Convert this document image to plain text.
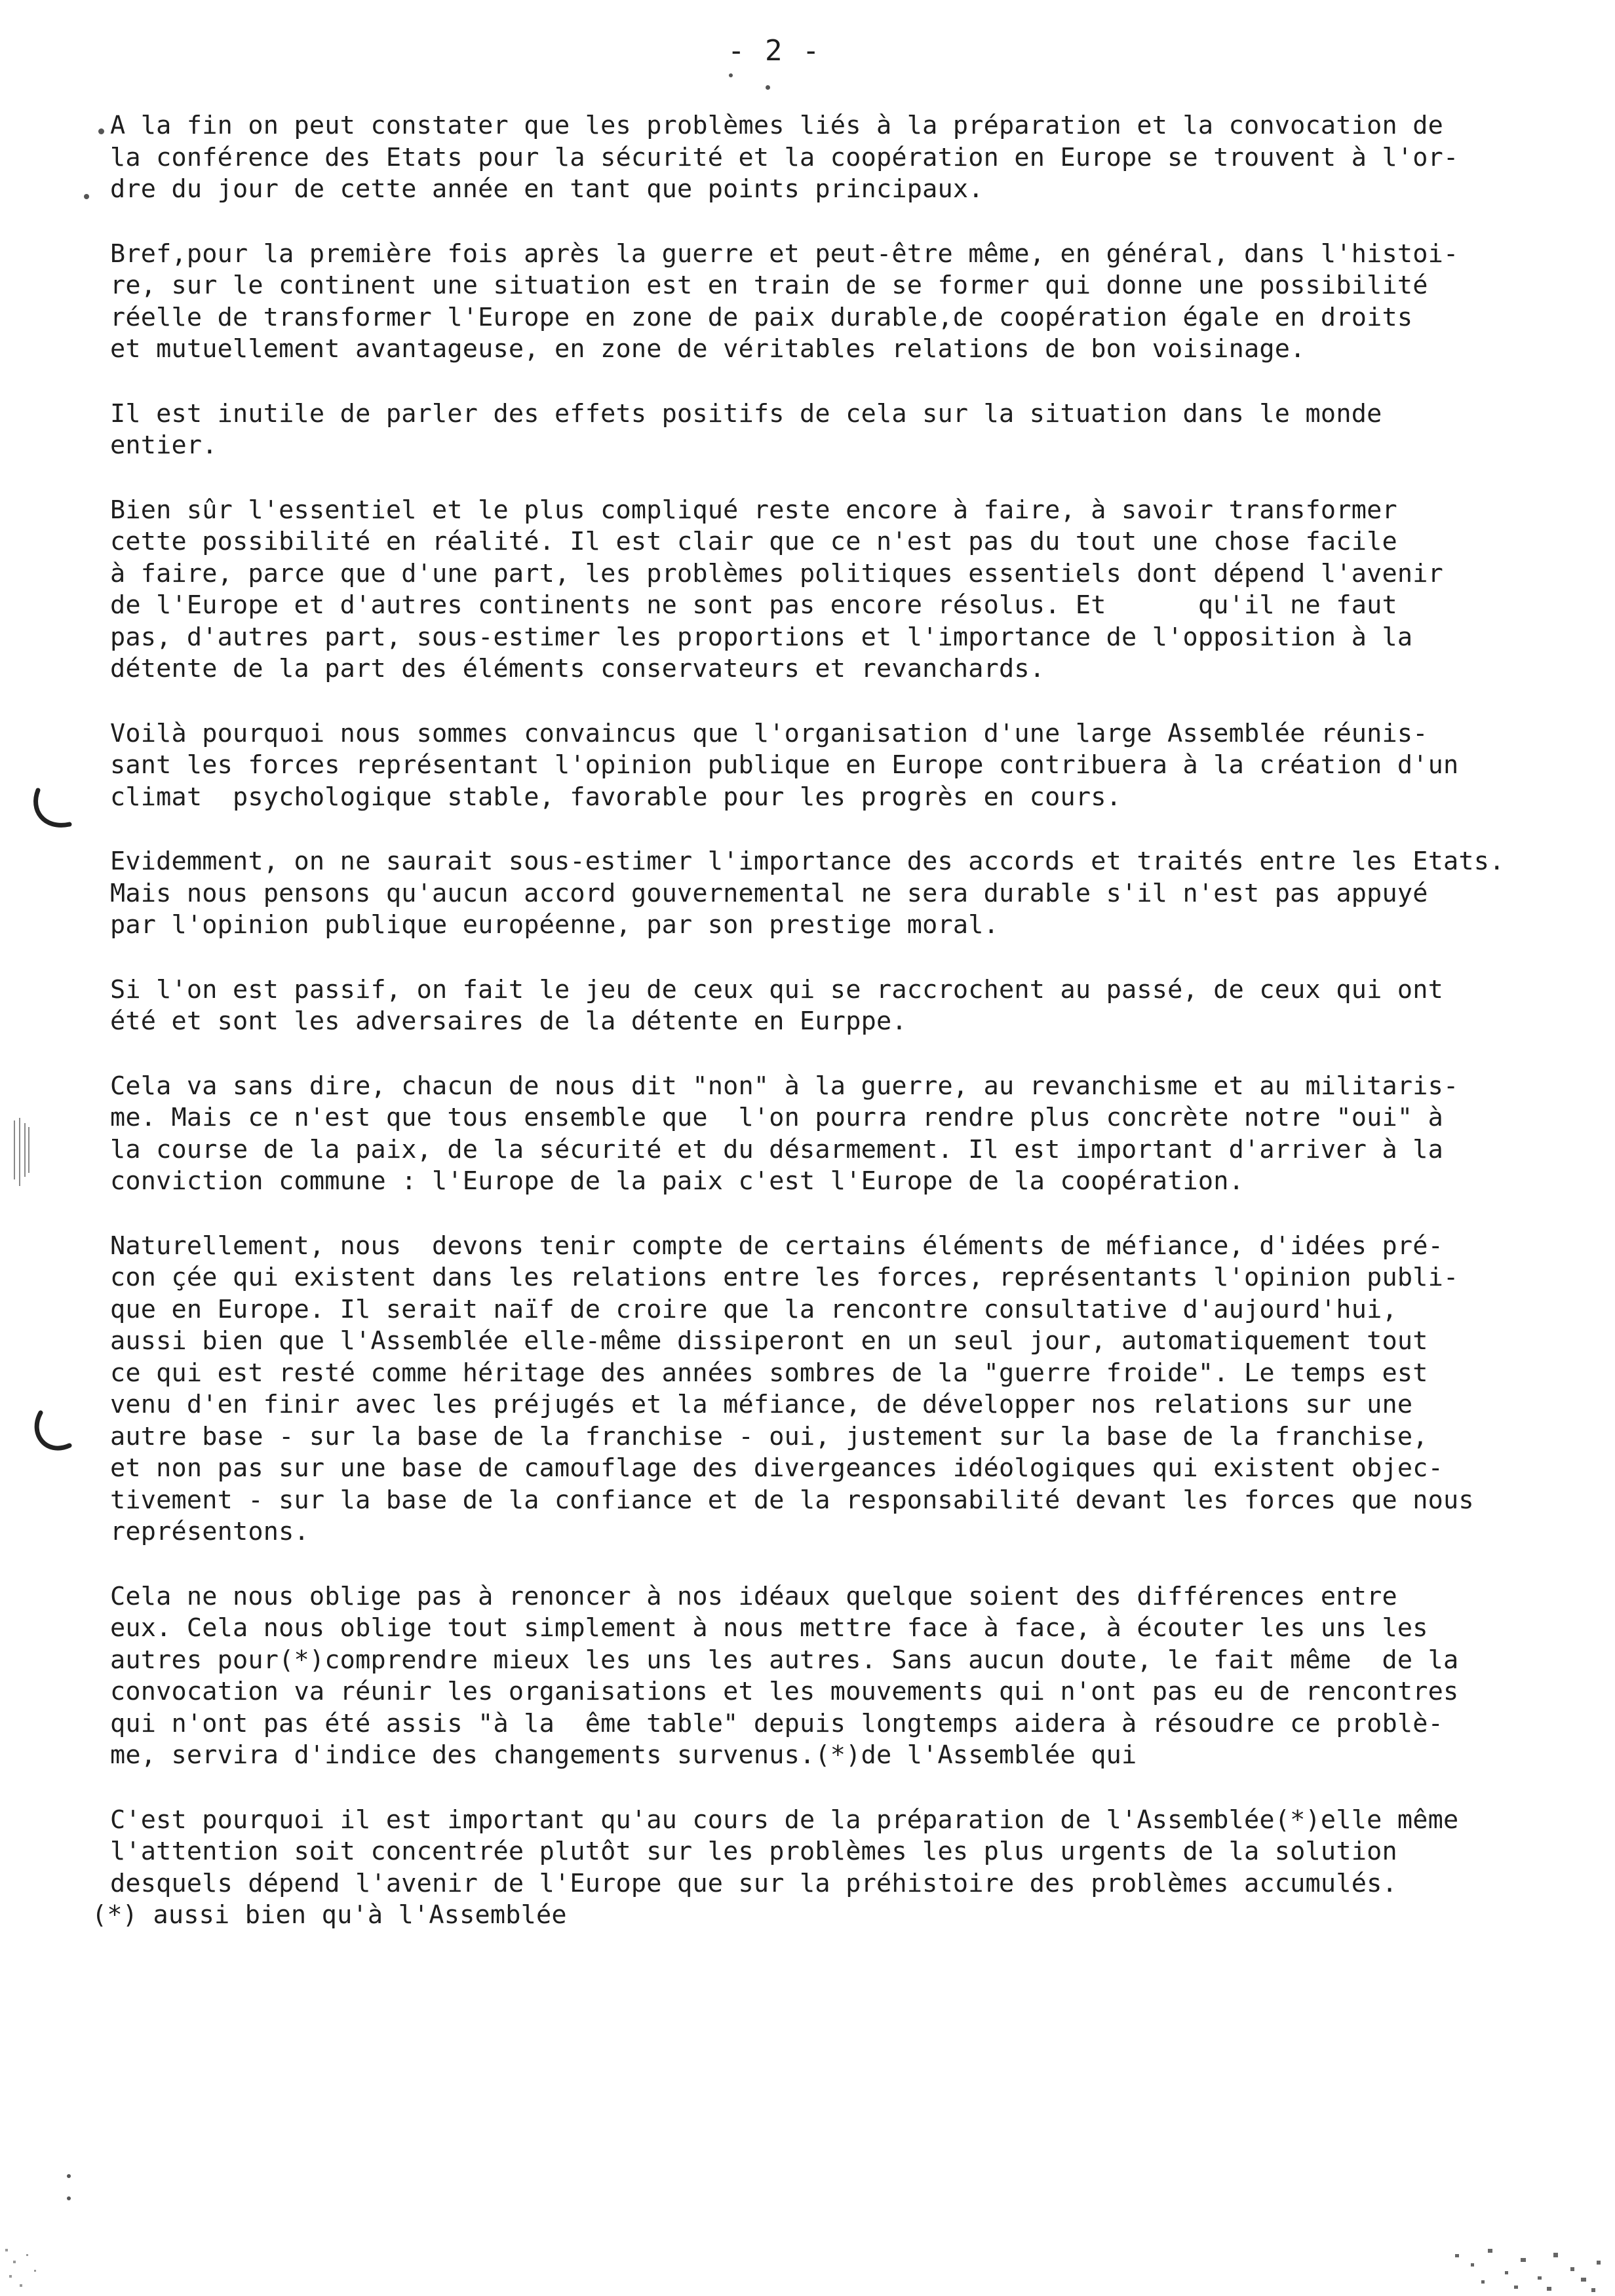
- 2 -

A la fin on peut constater que les problèmes liés à la préparation et la convocation de
la conférence des Etats pour la sécurité et la coopération en Europe se trouvent à l'or-
dre du jour de cette année en tant que points principaux.

Bref,pour la première fois après la guerre et peut-être même, en général, dans l'histoi-
re, sur le continent une situation est en train de se former qui donne une possibilité
réelle de transformer l'Europe en zone de paix durable,de coopération égale en droits
et mutuellement avantageuse, en zone de véritables relations de bon voisinage.

Il est inutile de parler des effets positifs de cela sur la situation dans le monde
entier.

Bien sûr l'essentiel et le plus compliqué reste encore à faire, à savoir transformer
cette possibilité en réalité. Il est clair que ce n'est pas du tout une chose facile
à faire, parce que d'une part, les problèmes politiques essentiels dont dépend l'avenir
de l'Europe et d'autres continents ne sont pas encore résolus. Et      qu'il ne faut
pas, d'autres part, sous-estimer les proportions et l'importance de l'opposition à la
détente de la part des éléments conservateurs et revanchards.

Voilà pourquoi nous sommes convaincus que l'organisation d'une large Assemblée réunis-
sant les forces représentant l'opinion publique en Europe contribuera à la création d'un
climat  psychologique stable, favorable pour les progrès en cours.

Evidemment, on ne saurait sous-estimer l'importance des accords et traités entre les Etats.
Mais nous pensons qu'aucun accord gouvernemental ne sera durable s'il n'est pas appuyé
par l'opinion publique européenne, par son prestige moral.

Si l'on est passif, on fait le jeu de ceux qui se raccrochent au passé, de ceux qui ont
été et sont les adversaires de la détente en Eurppe.

Cela va sans dire, chacun de nous dit "non" à la guerre, au revanchisme et au militaris-
me. Mais ce n'est que tous ensemble que  l'on pourra rendre plus concrète notre "oui" à
la course de la paix, de la sécurité et du désarmement. Il est important d'arriver à la
conviction commune : l'Europe de la paix c'est l'Europe de la coopération.

Naturellement, nous  devons tenir compte de certains éléments de méfiance, d'idées pré-
con çée qui existent dans les relations entre les forces, représentants l'opinion publi-
que en Europe. Il serait naïf de croire que la rencontre consultative d'aujourd'hui,
aussi bien que l'Assemblée elle-même dissiperont en un seul jour, automatiquement tout
ce qui est resté comme héritage des années sombres de la "guerre froide". Le temps est
venu d'en finir avec les préjugés et la méfiance, de développer nos relations sur une
autre base - sur la base de la franchise - oui, justement sur la base de la franchise,
et non pas sur une base de camouflage des divergeances idéologiques qui existent objec-
tivement - sur la base de la confiance et de la responsabilité devant les forces que nous
représentons.

Cela ne nous oblige pas à renoncer à nos idéaux quelque soient des différences entre
eux. Cela nous oblige tout simplement à nous mettre face à face, à écouter les uns les
autres pour(*)comprendre mieux les uns les autres. Sans aucun doute, le fait même  de la
convocation va réunir les organisations et les mouvements qui n'ont pas eu de rencontres
qui n'ont pas été assis "à la  ême table" depuis longtemps aidera à résoudre ce problè-
me, servira d'indice des changements survenus.(*)de l'Assemblée qui

C'est pourquoi il est important qu'au cours de la préparation de l'Assemblée(*)elle même
l'attention soit concentrée plutôt sur les problèmes les plus urgents de la solution
desquels dépend l'avenir de l'Europe que sur la préhistoire des problèmes accumulés.

(*) aussi bien qu'à l'Assemblée
